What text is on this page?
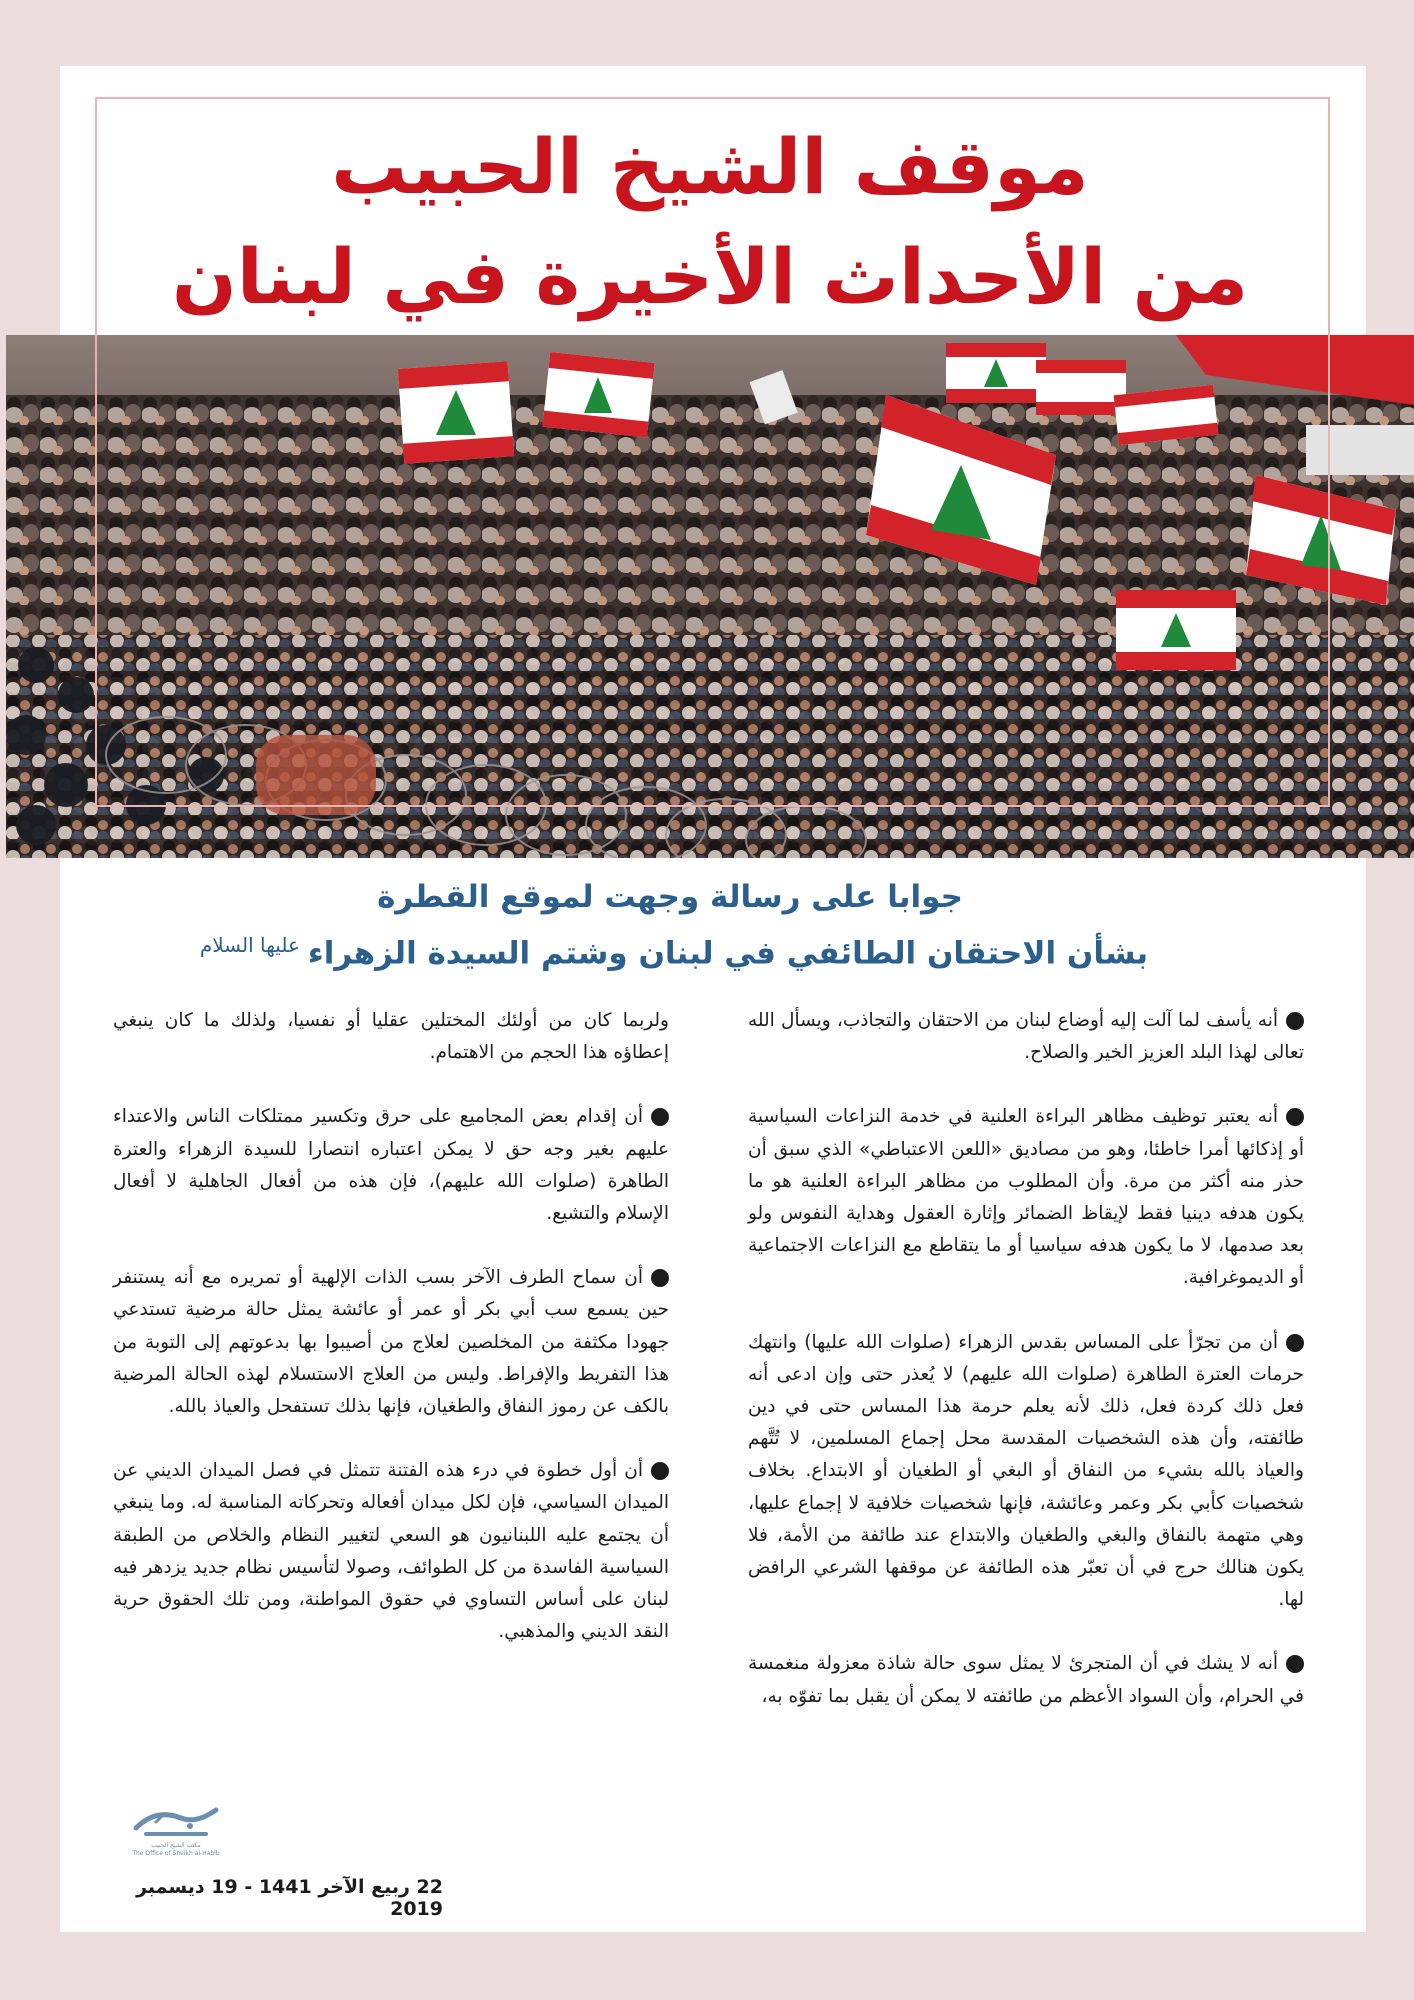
موقف الشيخ الحبيب
من الأحداث الأخيرة في لبنان
جوابا على رسالة وجهت لموقع القطرة
بشأن الاحتقان الطائفي في لبنان وشتم السيدة الزهراءعليها السلام

أنه يأسف لما آلت إليه أوضاع لبنان من الاحتقان والتجاذب، ويسأل الله تعالى لهذا البلد العزيز الخير والصلاح.

أنه يعتبر توظيف مظاهر البراءة العلنية في خدمة النزاعات السياسية أو إذكائها أمرا خاطئا، وهو من مصاديق «اللعن الاعتباطي» الذي سبق أن حذر منه أكثر من مرة. وأن المطلوب من مظاهر البراءة العلنية هو ما يكون هدفه دينيا فقط لإيقاظ الضمائر وإثارة العقول وهداية النفوس ولو بعد صدمها، لا ما يكون هدفه سياسيا أو ما يتقاطع مع النزاعات الاجتماعية أو الديموغرافية.

أن من تجرّأ على المساس بقدس الزهراء (صلوات الله عليها) وانتهك حرمات العترة الطاهرة (صلوات الله عليهم) لا يُعذر حتى وإن ادعى أنه فعل ذلك كردة فعل، ذلك لأنه يعلم حرمة هذا المساس حتى في دين طائفته، وأن هذه الشخصيات المقدسة محل إجماع المسلمين، لا تُتَّهم والعياذ بالله بشيء من النفاق أو البغي أو الطغيان أو الابتداع. بخلاف شخصيات كأبي بكر وعمر وعائشة، فإنها شخصيات خلافية لا إجماع عليها، وهي متهمة بالنفاق والبغي والطغيان والابتداع عند طائفة من الأمة، فلا يكون هنالك حرج في أن تعبّر هذه الطائفة عن موقفها الشرعي الرافض لها.

أنه لا يشك في أن المتجرئ لا يمثل سوى حالة شاذة معزولة منغمسة في الحرام، وأن السواد الأعظم من طائفته لا يمكن أن يقبل بما تفوّه به،

ولربما كان من أولئك المختلين عقليا أو نفسيا، ولذلك ما كان ينبغي إعطاؤه هذا الحجم من الاهتمام.

أن إقدام بعض المجاميع على حرق وتكسير ممتلكات الناس والاعتداء عليهم بغير وجه حق لا يمكن اعتباره انتصارا للسيدة الزهراء والعترة الطاهرة (صلوات الله عليهم)، فإن هذه من أفعال الجاهلية لا أفعال الإسلام والتشيع.

أن سماح الطرف الآخر بسب الذات الإلهية أو تمريره مع أنه يستنفر حين يسمع سب أبي بكر أو عمر أو عائشة يمثل حالة مرضية تستدعي جهودا مكثفة من المخلصين لعلاج من أصيبوا بها بدعوتهم إلى التوبة من هذا التفريط والإفراط. وليس من العلاج الاستسلام لهذه الحالة المرضية بالكف عن رموز النفاق والطغيان، فإنها بذلك تستفحل والعياذ بالله.

أن أول خطوة في درء هذه الفتنة تتمثل في فصل الميدان الديني عن الميدان السياسي، فإن لكل ميدان أفعاله وتحركاته المناسبة له. وما ينبغي أن يجتمع عليه اللبنانيون هو السعي لتغيير النظام والخلاص من الطبقة السياسية الفاسدة من كل الطوائف، وصولا لتأسيس نظام جديد يزدهر فيه لبنان على أساس التساوي في حقوق المواطنة، ومن تلك الحقوق حرية النقد الديني والمذهبي.

مكتب الشيخ الحبيب
The Office of Sheikh al-Habib
22 ربيع الآخر 1441 - 19 ديسمبر 2019
